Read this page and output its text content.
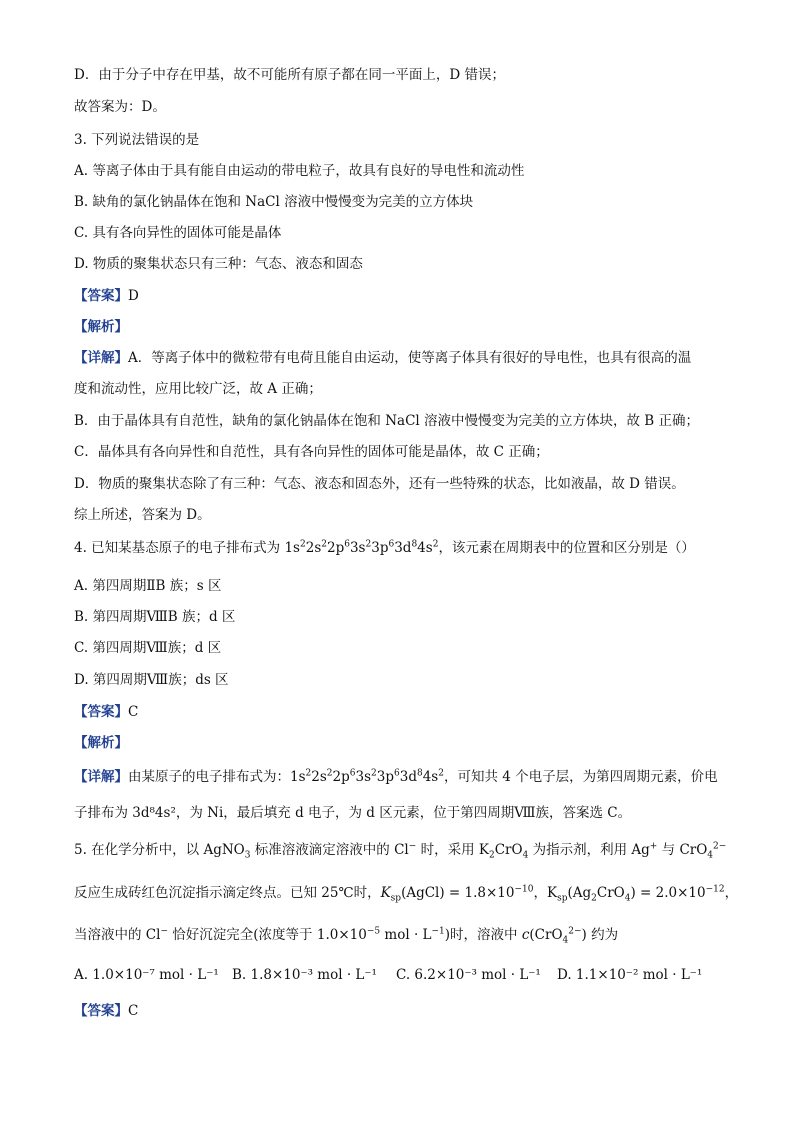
D．由于分子中存在甲基，故不可能所有原子都在同一平面上，D 错误；
故答案为：D。
3. 下列说法错误的是
A. 等离子体由于具有能自由运动的带电粒子，故具有良好的导电性和流动性
B. 缺角的氯化钠晶体在饱和 NaCl 溶液中慢慢变为完美的立方体块
C. 具有各向异性的固体可能是晶体
D. 物质的聚集状态只有三种：气态、液态和固态
【答案】D
【解析】
【详解】A．等离子体中的微粒带有电荷且能自由运动，使等离子体具有很好的导电性，也具有很高的温
度和流动性，应用比较广泛，故 A 正确；
B．由于晶体具有自范性，缺角的氯化钠晶体在饱和 NaCl 溶液中慢慢变为完美的立方体块，故 B 正确；
C．晶体具有各向异性和自范性，具有各向异性的固体可能是晶体，故 C 正确；
D．物质的聚集状态除了有三种：气态、液态和固态外，还有一些特殊的状态，比如液晶，故 D 错误。
综上所述，答案为 D。
4. 已知某基态原子的电子排布式为 $1s^22s^22p^63s^23p^63d^84s^2$，该元素在周期表中的位置和区分别是（）
A. 第四周期ⅡB 族；s 区
B. 第四周期ⅧB 族；d 区
C. 第四周期Ⅷ族；d 区
D. 第四周期Ⅷ族；ds 区
【答案】C
【解析】
【详解】由某原子的电子排布式为：$1s^22s^22p^63s^23p^63d^84s^2$，可知共 4 个电子层，为第四周期元素，价电
子排布为 3d⁸4s²，为 Ni，最后填充 d 电子，为 d 区元素，位于第四周期Ⅷ族，答案选 C。
5. 在化学分析中，以 AgNO$_3$ 标准溶液滴定溶液中的 Cl− 时，采用 $K_2CrO_4$ 为指示剂，利用 Ag+ 与 CrO$_4^{2-}$
反应生成砖红色沉淀指示滴定终点。已知 25℃时，$K_{sp}(AgCl) = 1.8\times 10^{-10}$，$K_{sp}(Ag_2CrO_4) = 2.0\times 10^{-12}$，
当溶液中的 Cl− 恰好沉淀完全(浓度等于 $1.0\times 10^{-5}$ mol · $L^{-1}$)时，溶液中 c(CrO$_4^{2-}$) 约为
A. 1.0×10⁻⁷ mol · L⁻¹ B. 1.8×10⁻³ mol · L⁻¹ C. 6.2×10⁻³ mol · L⁻¹ D. 1.1×10⁻² mol · L⁻¹
【答案】C
